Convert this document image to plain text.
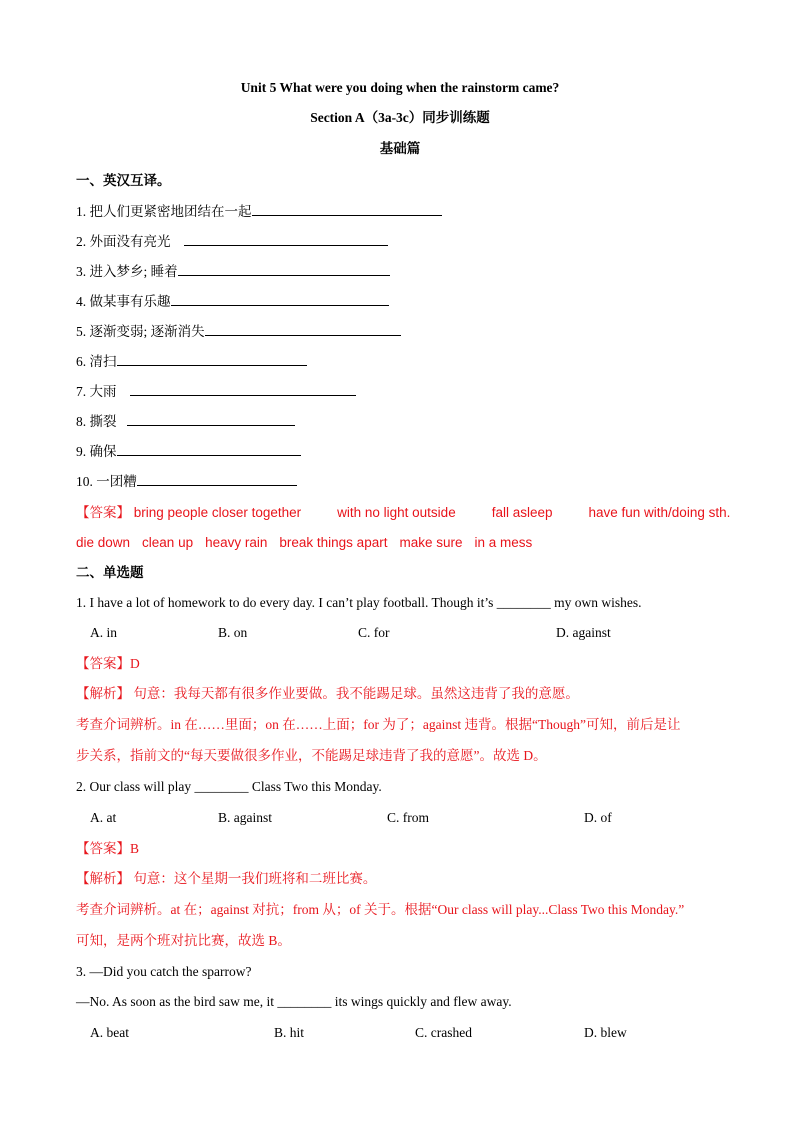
Unit 5 What were you doing when the rainstorm came?
Section A（3a-3c）同步训练题
基础篇
一、英汉互译。
1. 把人们更紧密地团结在一起
2. 外面没有亮光
3. 进入梦乡; 睡着
4. 做某事有乐趣
5. 逐渐变弱; 逐渐消失
6. 清扫
7. 大雨
8. 撕裂
9. 确保
10. 一团糟
【答案】 bring people closer together	with no light outside	fall asleep	have fun with/doing sth.
die down clean up heavy rain break things apart make sure in a mess
二、单选题
1. I have a lot of homework to do every day. I can’t play football. Though it’s ________ my own wishes.
A. in	B. on	C. for	D. against
【答案】D
【解析】 句意：我每天都有很多作业要做。我不能踢足球。虽然这违背了我的意愿。
考查介词辨析。in 在……里面；on 在……上面；for 为了；against 违背。根据“Though”可知，前后是让
步关系，指前文的“每天要做很多作业，不能踢足球违背了我的意愿”。故选 D。
2. Our class will play ________ Class Two this Monday.
A. at	B. against	C. from	D. of
【答案】B
【解析】 句意：这个星期一我们班将和二班比赛。
考查介词辨析。at 在；against 对抗；from 从；of 关于。根据“Our class will play...Class Two this Monday.”
可知，是两个班对抗比赛，故选 B。
3. —Did you catch the sparrow?
—No. As soon as the bird saw me, it ________ its wings quickly and flew away.
A. beat	B. hit	C. crashed	D. blew
